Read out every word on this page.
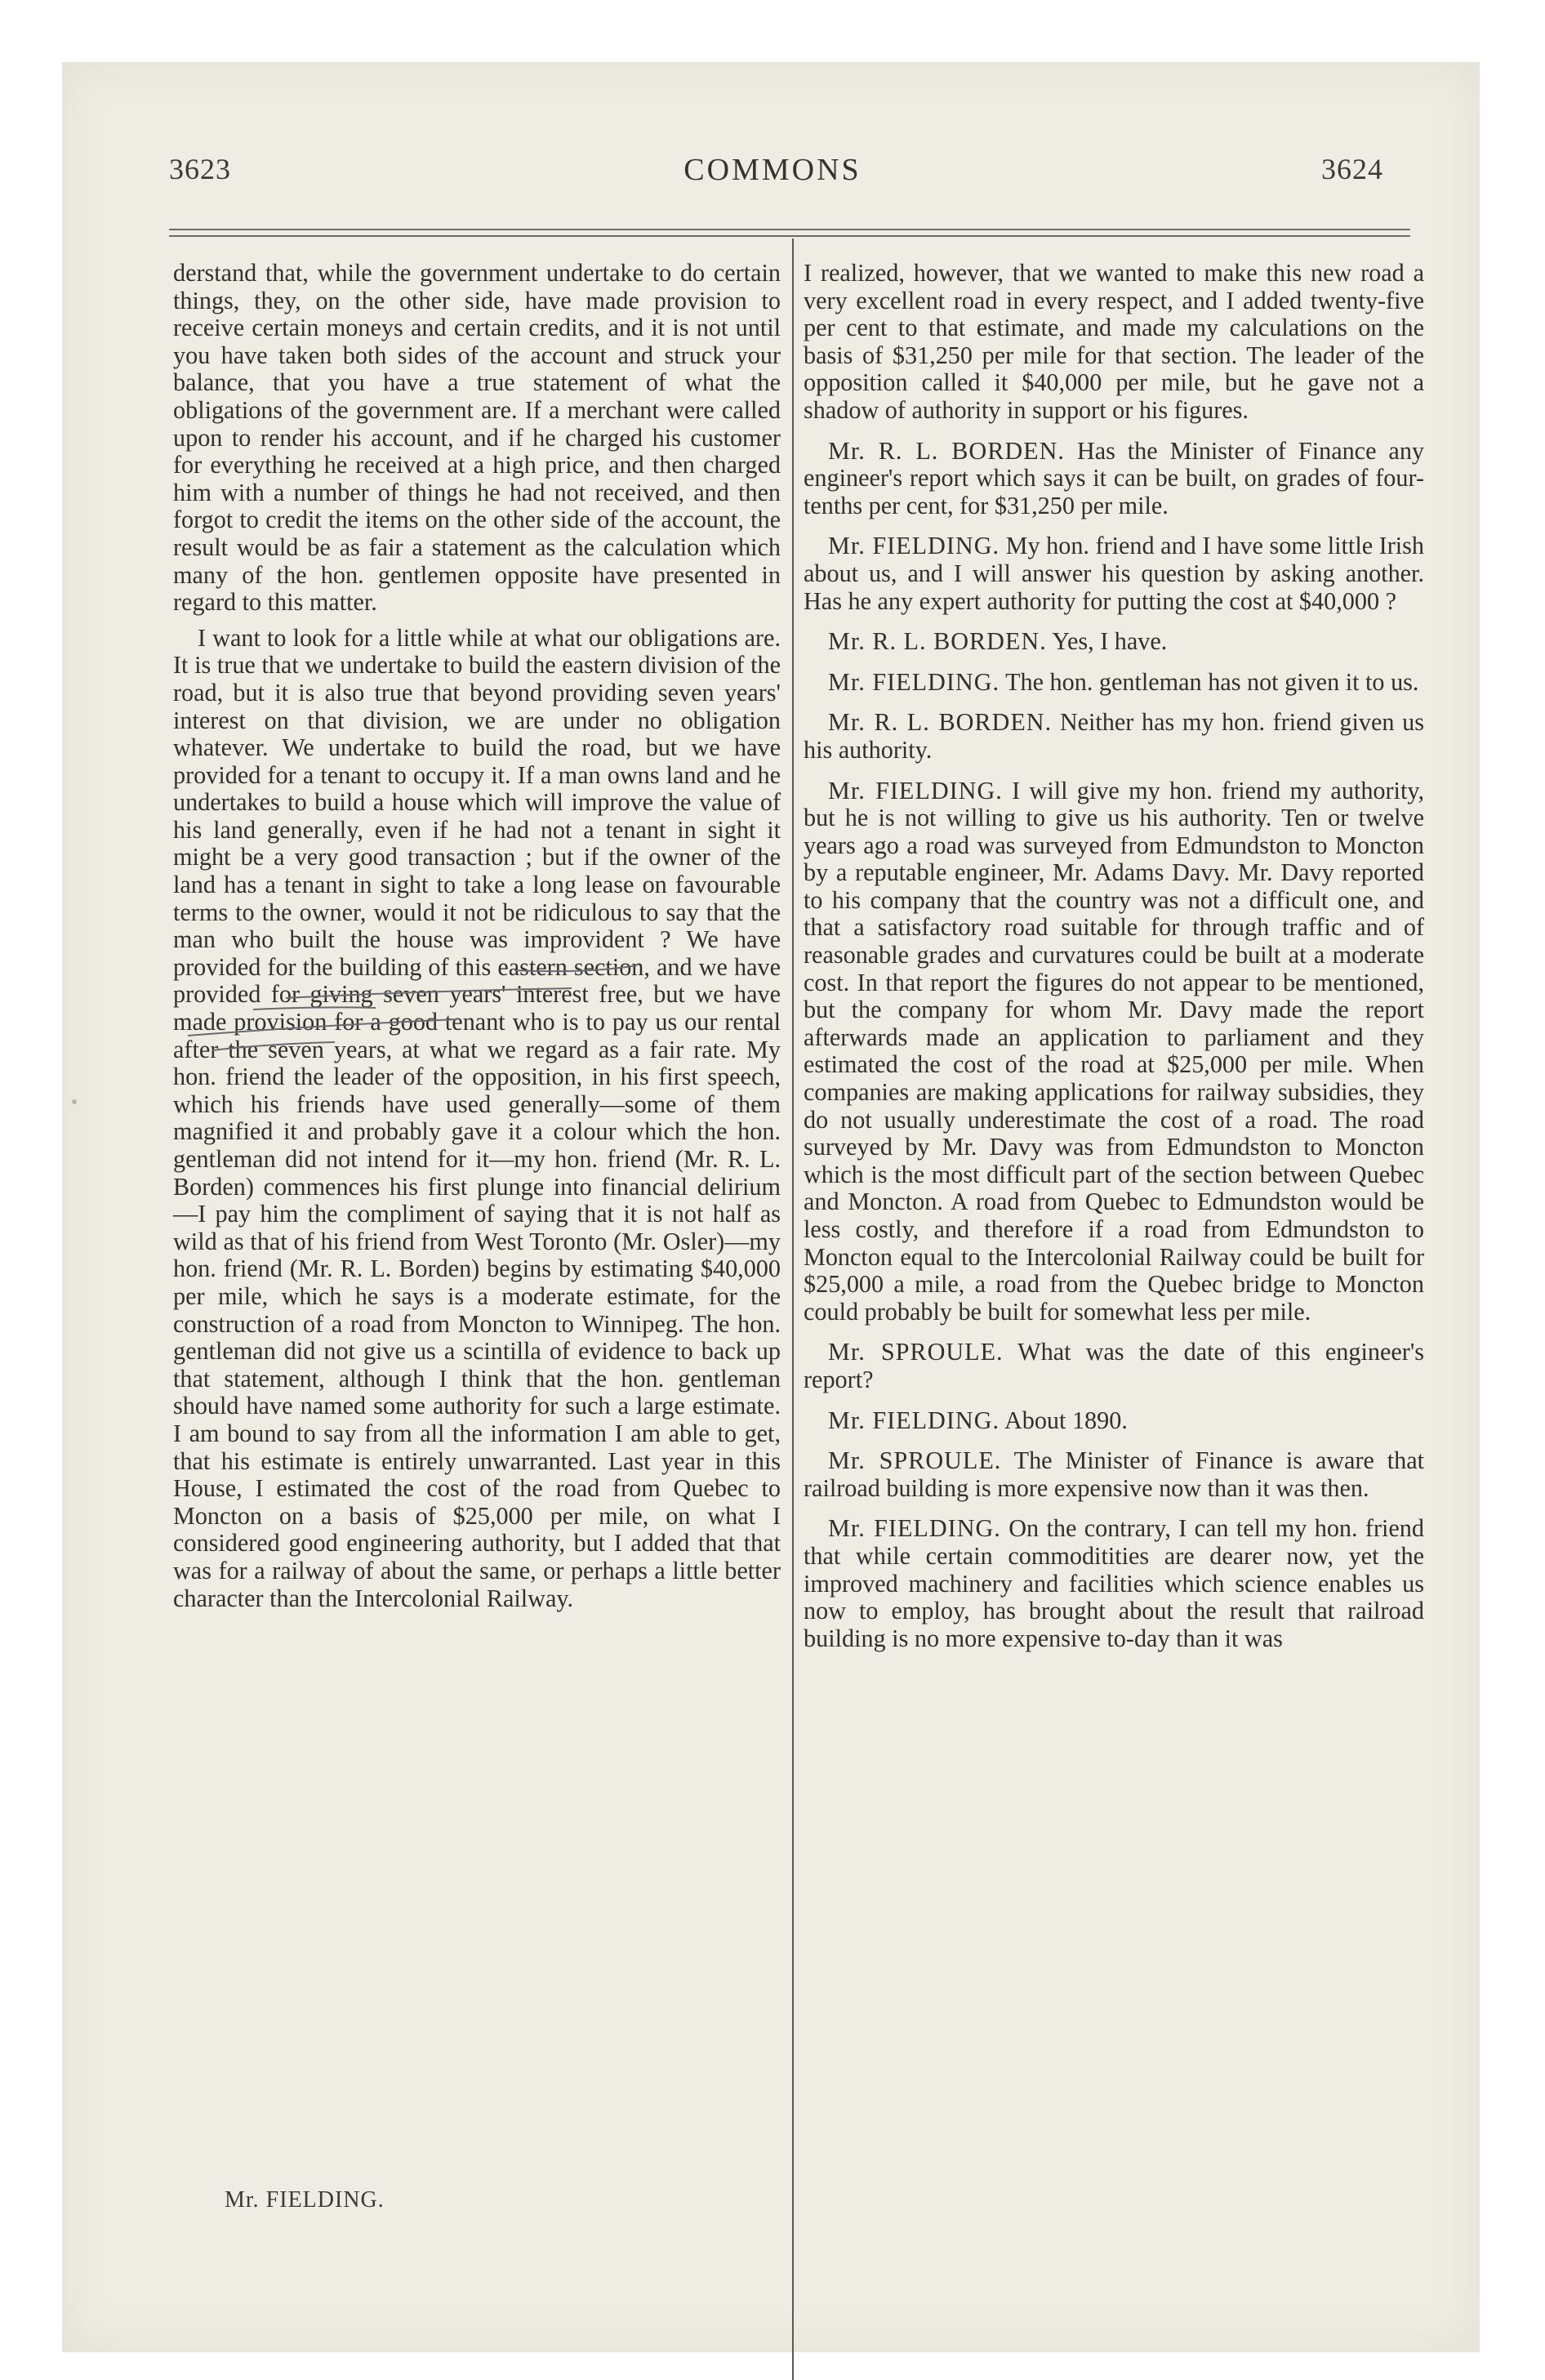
3623	COMMONS	3624

derstand that, while the government undertake to do certain things, they, on the other side, have made provision to receive certain moneys and certain credits, and it is not until you have taken both sides of the account and struck your balance, that you have a true statement of what the obligations of the government are. If a merchant were called upon to render his account, and if he charged his customer for everything he received at a high price, and then charged him with a number of things he had not received, and then forgot to credit the items on the other side of the account, the result would be as fair a statement as the calculation which many of the hon. gentlemen opposite have presented in regard to this matter.

I want to look for a little while at what our obligations are. It is true that we undertake to build the eastern division of the road, but it is also true that beyond providing seven years' interest on that division, we are under no obligation whatever. We undertake to build the road, but we have provided for a tenant to occupy it. If a man owns land and he undertakes to build a house which will improve the value of his land generally, even if he had not a tenant in sight it might be a very good transaction ; but if the owner of the land has a tenant in sight to take a long lease on favourable terms to the owner, would it not be ridiculous to say that the man who built the house was improvident ? We have provided for the building of this eastern section, and we have provided for giving seven years' interest free, but we have made provision for a good tenant who is to pay us our rental after the seven years, at what we regard as a fair rate. My hon. friend the leader of the opposition, in his first speech, which his friends have used generally—some of them magnified it and probably gave it a colour which the hon. gentleman did not intend for it—my hon. friend (Mr. R. L. Borden) commences his first plunge into financial delirium—I pay him the compliment of saying that it is not half as wild as that of his friend from West Toronto (Mr. Osler)—my hon. friend (Mr. R. L. Borden) begins by estimating $40,000 per mile, which he says is a moderate estimate, for the construction of a road from Moncton to Winnipeg. The hon. gentleman did not give us a scintilla of evidence to back up that statement, although I think that the hon. gentleman should have named some authority for such a large estimate. I am bound to say from all the information I am able to get, that his estimate is entirely unwarranted. Last year in this House, I estimated the cost of the road from Quebec to Moncton on a basis of $25,000 per mile, on what I considered good engineering authority, but I added that that was for a railway of about the same, or perhaps a little better character than the Intercolonial Railway.

I realized, however, that we wanted to make this new road a very excellent road in every respect, and I added twenty-five per cent to that estimate, and made my calculations on the basis of $31,250 per mile for that section. The leader of the opposition called it $40,000 per mile, but he gave not a shadow of authority in support or his figures.

Mr. R. L. BORDEN. Has the Minister of Finance any engineer's report which says it can be built, on grades of four-tenths per cent, for $31,250 per mile.

Mr. FIELDING. My hon. friend and I have some little Irish about us, and I will answer his question by asking another. Has he any expert authority for putting the cost at $40,000 ?

Mr. R. L. BORDEN. Yes, I have.

Mr. FIELDING. The hon. gentleman has not given it to us.

Mr. R. L. BORDEN. Neither has my hon. friend given us his authority.

Mr. FIELDING. I will give my hon. friend my authority, but he is not willing to give us his authority. Ten or twelve years ago a road was surveyed from Edmundston to Moncton by a reputable engineer, Mr. Adams Davy. Mr. Davy reported to his company that the country was not a difficult one, and that a satisfactory road suitable for through traffic and of reasonable grades and curvatures could be built at a moderate cost. In that report the figures do not appear to be mentioned, but the company for whom Mr. Davy made the report afterwards made an application to parliament and they estimated the cost of the road at $25,000 per mile. When companies are making applications for railway subsidies, they do not usually underestimate the cost of a road. The road surveyed by Mr. Davy was from Edmundston to Moncton which is the most difficult part of the section between Quebec and Moncton. A road from Quebec to Edmundston would be less costly, and therefore if a road from Edmundston to Moncton equal to the Intercolonial Railway could be built for $25,000 a mile, a road from the Quebec bridge to Moncton could probably be built for somewhat less per mile.

Mr. SPROULE. What was the date of this engineer's report?

Mr. FIELDING. About 1890.

Mr. SPROULE. The Minister of Finance is aware that railroad building is more expensive now than it was then.

Mr. FIELDING. On the contrary, I can tell my hon. friend that while certain commoditities are dearer now, yet the improved machinery and facilities which science enables us now to employ, has brought about the result that railroad building is no more expensive to-day than it was

Mr. FIELDING.
